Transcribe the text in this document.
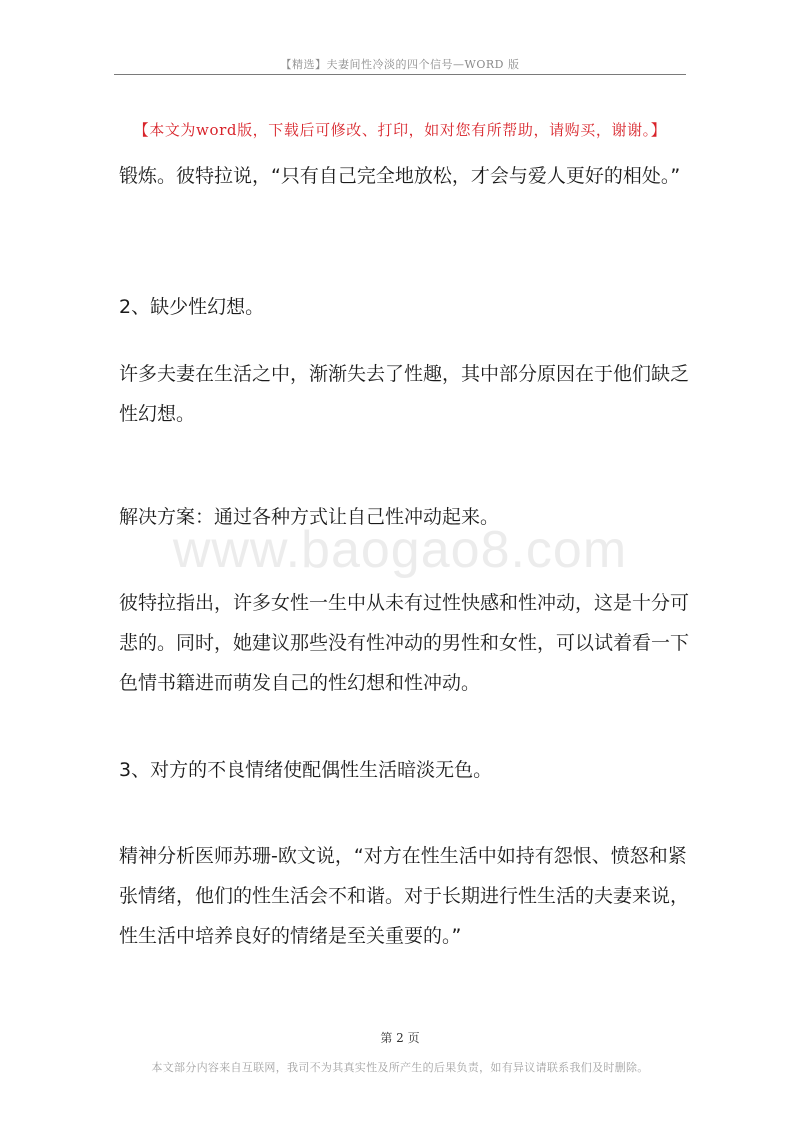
【精选】夫妻间性冷淡的四个信号—WORD 版
【本文为word版，下载后可修改、打印，如对您有所帮助，请购买，谢谢。】
www.baogao8.com

锻炼。彼特拉说，“只有自己完全地放松，才会与爱人更好的相处。”

2、缺少性幻想。

许多夫妻在生活之中，渐渐失去了性趣，其中部分原因在于他们缺乏性幻想。

解决方案：通过各种方式让自己性冲动起来。

彼特拉指出，许多女性一生中从未有过性快感和性冲动，这是十分可悲的。同时，她建议那些没有性冲动的男性和女性，可以试着看一下色情书籍进而萌发自己的性幻想和性冲动。

3、对方的不良情绪使配偶性生活暗淡无色。

精神分析医师苏珊-欧文说，“对方在性生活中如持有怨恨、愤怒和紧张情绪，他们的性生活会不和谐。对于长期进行性生活的夫妻来说，性生活中培养良好的情绪是至关重要的。”

第 2 页
本文部分内容来自互联网，我司不为其真实性及所产生的后果负责，如有异议请联系我们及时删除。
